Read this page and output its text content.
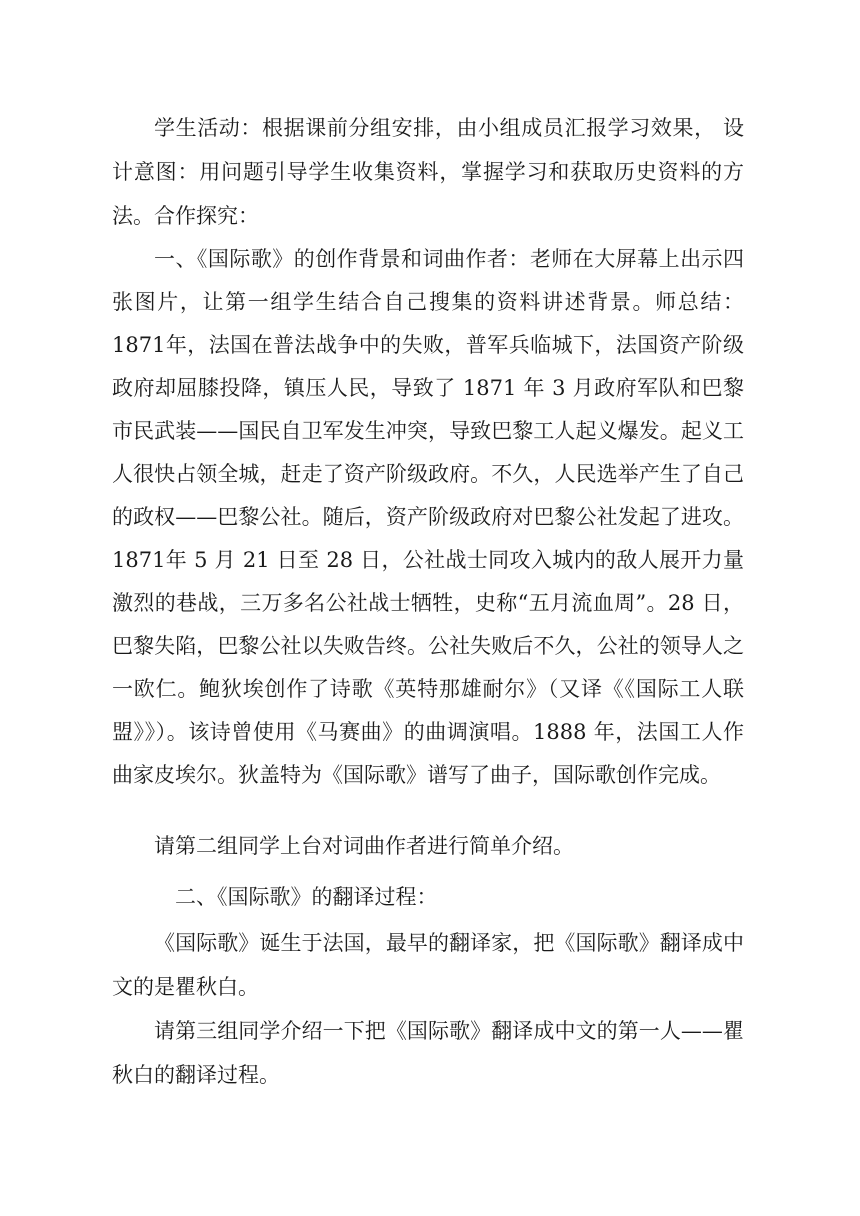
学生活动：根据课前分组安排，由小组成员汇报学习效果， 设计意图：用问题引导学生收集资料，掌握学习和获取历史资料的方法。 合作探究：

一、《国际歌》的创作背景和词曲作者：老师在大屏幕上出示四张图片，让第一组学生结合自己搜集的资料讲述背景。师总结：1871年，法国在普法战争中的失败，普军兵临城下，法国资产阶级政府却屈膝投降，镇压人民，导致了 1871 年 3 月政府军队和巴黎市民武装——国民自卫军发生冲突，导致巴黎工人起义爆发。起义工人很快占领全城，赶走了资产阶级政府。不久，人民选举产生了自己的政权——巴黎公社。随后，资产阶级政府对巴黎公社发起了进攻。1871年 5 月 21 日至 28 日，公社战士同攻入城内的敌人展开力量激烈的巷战，三万多名公社战士牺牲，史称“五月流血周”。28 日，巴黎失陷，巴黎公社以失败告终。公社失败后不久，公社的领导人之一欧仁。鲍狄埃创作了诗歌《英特那雄耐尔》（又译《《国际工人联盟》》）。该诗曾使用《马赛曲》的曲调演唱。1888 年，法国工人作曲家皮埃尔。狄盖特为《国际歌》谱写了曲子，国际歌创作完成。

请第二组同学上台对词曲作者进行简单介绍。

二、《国际歌》的翻译过程：

《国际歌》诞生于法国，最早的翻译家，把《国际歌》翻译成中文的是瞿秋白。

请第三组同学介绍一下把《国际歌》翻译成中文的第一人——瞿秋白的翻译过程。
